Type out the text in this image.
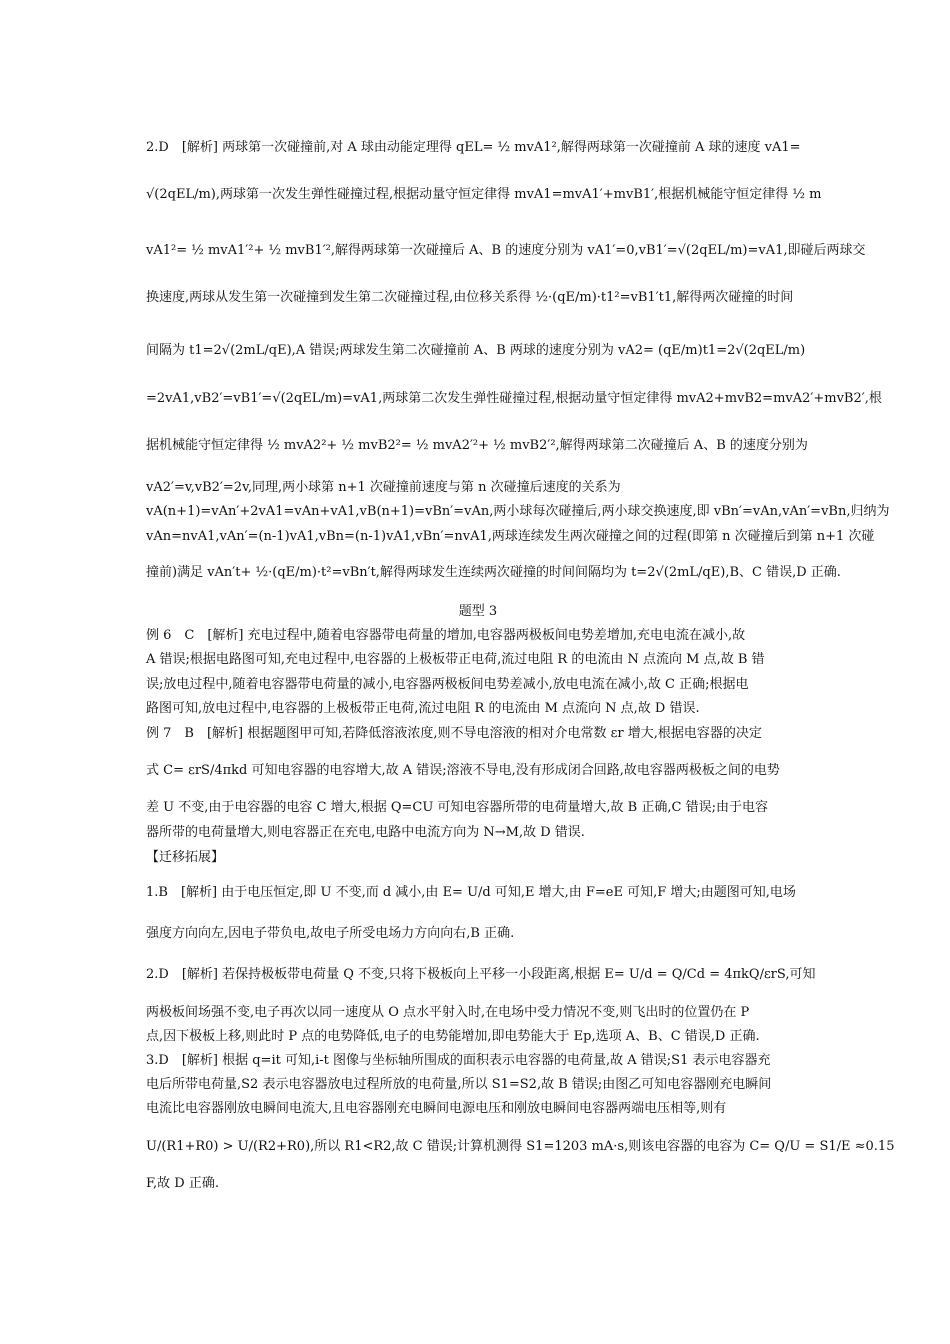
2.D　[解析] 两球第一次碰撞前,对 A 球由动能定理得 qEL= ½ mvA1²,解得两球第一次碰撞前 A 球的速度 vA1=
√(2qEL/m),两球第一次发生弹性碰撞过程,根据动量守恒定律得 mvA1=mvA1′+mvB1′,根据机械能守恒定律得 ½ m
vA1²= ½ mvA1′²+ ½ mvB1′²,解得两球第一次碰撞后 A、B 的速度分别为 vA1′=0,vB1′=√(2qEL/m)=vA1,即碰后两球交
换速度,两球从发生第一次碰撞到发生第二次碰撞过程,由位移关系得 ½·(qE/m)·t1²=vB1′t1,解得两次碰撞的时间
间隔为 t1=2√(2mL/qE),A 错误;两球发生第二次碰撞前 A、B 两球的速度分别为 vA2= (qE/m)t1=2√(2qEL/m)
=2vA1,vB2′=vB1′=√(2qEL/m)=vA1,两球第二次发生弹性碰撞过程,根据动量守恒定律得 mvA2+mvB2=mvA2′+mvB2′,根
据机械能守恒定律得 ½ mvA2²+ ½ mvB2²= ½ mvA2′²+ ½ mvB2′²,解得两球第二次碰撞后 A、B 的速度分别为
vA2′=v,vB2′=2v,同理,两小球第 n+1 次碰撞前速度与第 n 次碰撞后速度的关系为
vA(n+1)=vAn′+2vA1=vAn+vA1,vB(n+1)=vBn′=vAn,两小球每次碰撞后,两小球交换速度,即 vBn′=vAn,vAn′=vBn,归纳为
vAn=nvA1,vAn′=(n-1)vA1,vBn=(n-1)vA1,vBn′=nvA1,两球连续发生两次碰撞之间的过程(即第 n 次碰撞后到第 n+1 次碰
撞前)满足 vAn′t+ ½·(qE/m)·t²=vBn′t,解得两球发生连续两次碰撞的时间间隔均为 t=2√(2mL/qE),B、C 错误,D 正确.
题型 3
例 6　C　[解析] 充电过程中,随着电容器带电荷量的增加,电容器两极板间电势差增加,充电电流在减小,故
A 错误;根据电路图可知,充电过程中,电容器的上极板带正电荷,流过电阻 R 的电流由 N 点流向 M 点,故 B 错
误;放电过程中,随着电容器带电荷量的减小,电容器两极板间电势差减小,放电电流在减小,故 C 正确;根据电
路图可知,放电过程中,电容器的上极板带正电荷,流过电阻 R 的电流由 M 点流向 N 点,故 D 错误.
例 7　B　[解析] 根据题图甲可知,若降低溶液浓度,则不导电溶液的相对介电常数 εr 增大,根据电容器的决定
式 C= εrS/4πkd 可知电容器的电容增大,故 A 错误;溶液不导电,没有形成闭合回路,故电容器两极板之间的电势
差 U 不变,由于电容器的电容 C 增大,根据 Q=CU 可知电容器所带的电荷量增大,故 B 正确,C 错误;由于电容
器所带的电荷量增大,则电容器正在充电,电路中电流方向为 N→M,故 D 错误.
【迁移拓展】
1.B　[解析] 由于电压恒定,即 U 不变,而 d 减小,由 E= U/d 可知,E 增大,由 F=eE 可知,F 增大;由题图可知,电场
强度方向向左,因电子带负电,故电子所受电场力方向向右,B 正确.
2.D　[解析] 若保持极板带电荷量 Q 不变,只将下极板向上平移一小段距离,根据 E= U/d = Q/Cd = 4πkQ/εrS,可知
两极板间场强不变,电子再次以同一速度从 O 点水平射入时,在电场中受力情况不变,则飞出时的位置仍在 P
点,因下极板上移,则此时 P 点的电势降低,电子的电势能增加,即电势能大于 Ep,选项 A、B、C 错误,D 正确.
3.D　[解析] 根据 q=it 可知,i-t 图像与坐标轴所围成的面积表示电容器的电荷量,故 A 错误;S1 表示电容器充
电后所带电荷量,S2 表示电容器放电过程所放的电荷量,所以 S1=S2,故 B 错误;由图乙可知电容器刚充电瞬间
电流比电容器刚放电瞬间电流大,且电容器刚充电瞬间电源电压和刚放电瞬间电容器两端电压相等,则有
U/(R1+R0) > U/(R2+R0),所以 R1<R2,故 C 错误;计算机测得 S1=1203 mA·s,则该电容器的电容为 C= Q/U = S1/E ≈0.15
F,故 D 正确.
